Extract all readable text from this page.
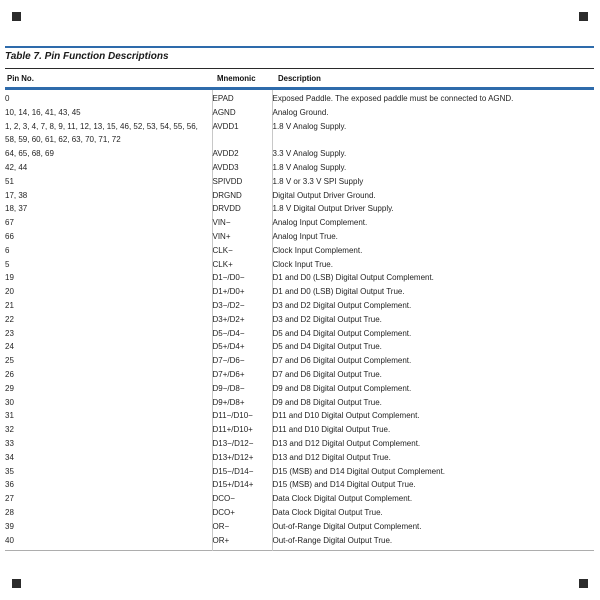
Table 7. Pin Function Descriptions
Pin No.	Mnemonic	Description
0	EPAD	Exposed Paddle. The exposed paddle must be connected to AGND.
10, 14, 16, 41, 43, 45	AGND	Analog Ground.
1, 2, 3, 4, 7, 8, 9, 11, 12, 13, 15, 46, 52, 53, 54, 55, 56, 58, 59, 60, 61, 62, 63, 70, 71, 72	AVDD1	1.8 V Analog Supply.
64, 65, 68, 69	AVDD2	3.3 V Analog Supply.
42, 44	AVDD3	1.8 V Analog Supply.
51	SPIVDD	1.8 V or 3.3 V SPI Supply
17, 38	DRGND	Digital Output Driver Ground.
18, 37	DRVDD	1.8 V Digital Output Driver Supply.
67	VIN−	Analog Input Complement.
66	VIN+	Analog Input True.
6	CLK−	Clock Input Complement.
5	CLK+	Clock Input True.
19	D1−/D0−	D1 and D0 (LSB) Digital Output Complement.
20	D1+/D0+	D1 and D0 (LSB) Digital Output True.
21	D3−/D2−	D3 and D2 Digital Output Complement.
22	D3+/D2+	D3 and D2 Digital Output True.
23	D5−/D4−	D5 and D4 Digital Output Complement.
24	D5+/D4+	D5 and D4 Digital Output True.
25	D7−/D6−	D7 and D6 Digital Output Complement.
26	D7+/D6+	D7 and D6 Digital Output True.
29	D9−/D8−	D9 and D8 Digital Output Complement.
30	D9+/D8+	D9 and D8 Digital Output True.
31	D11−/D10−	D11 and D10 Digital Output Complement.
32	D11+/D10+	D11 and D10 Digital Output True.
33	D13−/D12−	D13 and D12 Digital Output Complement.
34	D13+/D12+	D13 and D12 Digital Output True.
35	D15−/D14−	D15 (MSB) and D14 Digital Output Complement.
36	D15+/D14+	D15 (MSB) and D14 Digital Output True.
27	DCO−	Data Clock Digital Output Complement.
28	DCO+	Data Clock Digital Output True.
39	OR−	Out-of-Range Digital Output Complement.
40	OR+	Out-of-Range Digital Output True.
